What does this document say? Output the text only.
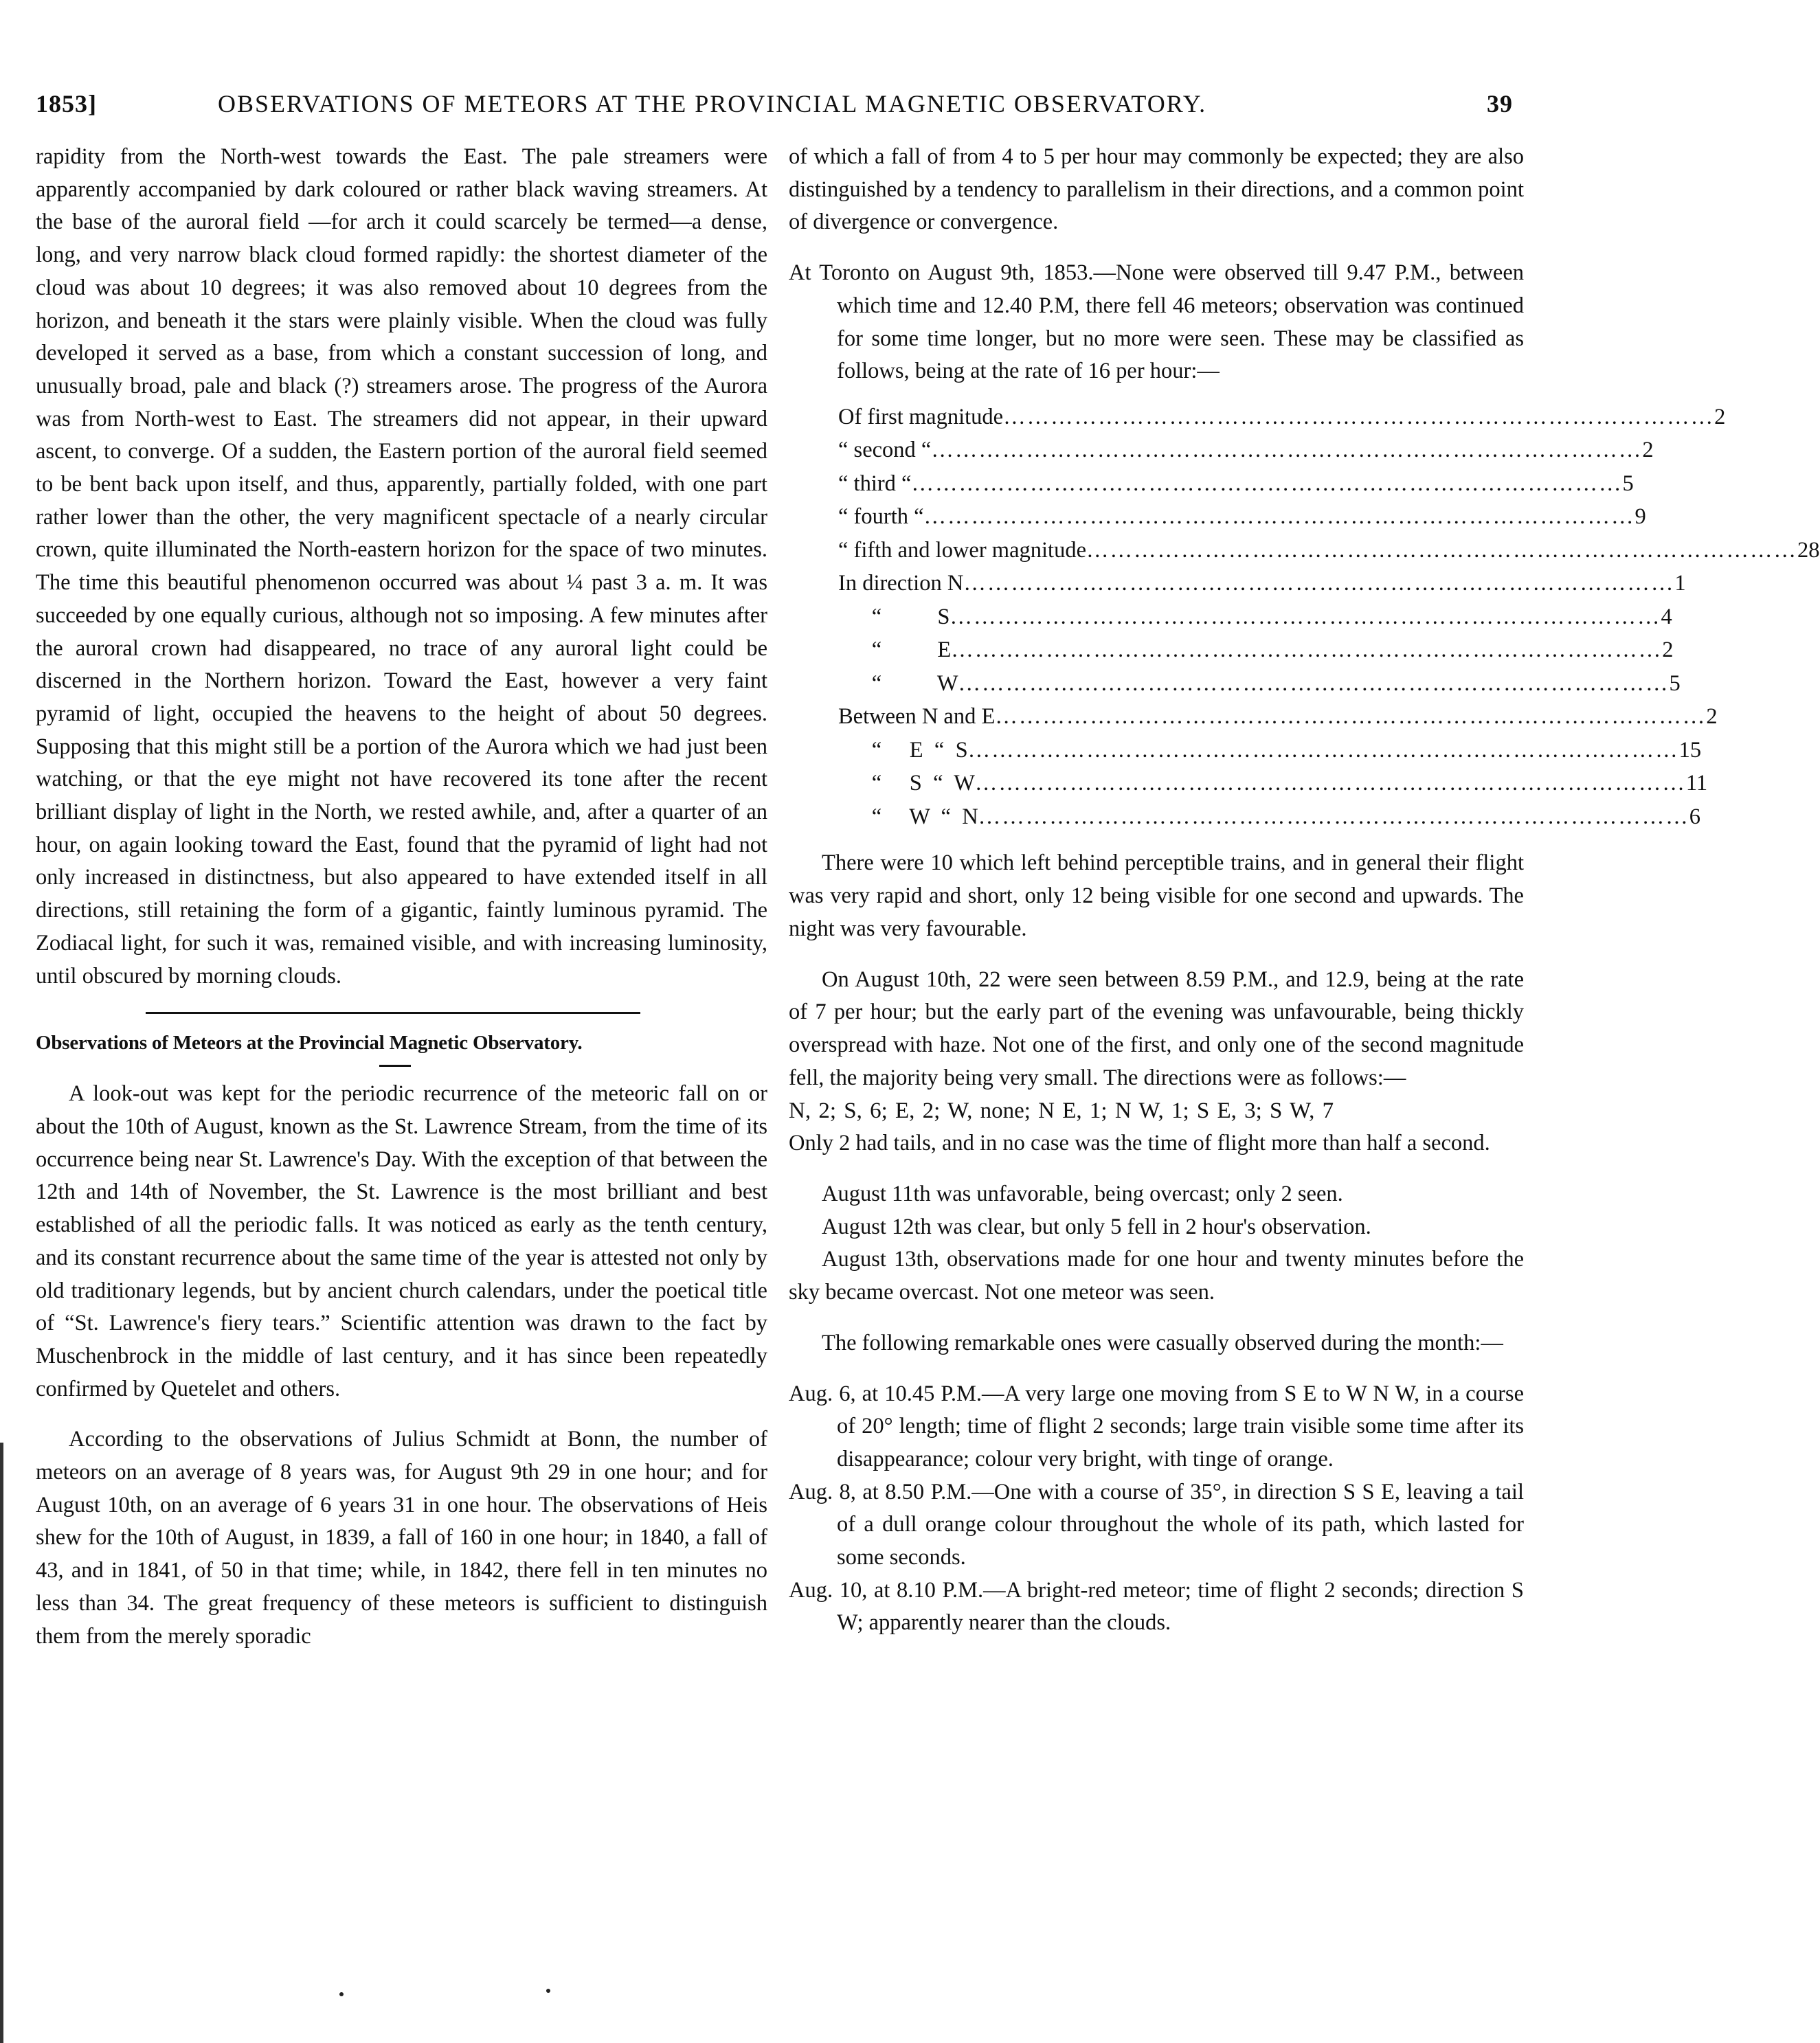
1853]	OBSERVATIONS OF METEORS AT THE PROVINCIAL MAGNETIC OBSERVATORY.	39

rapidity from the North-west towards the East. The pale streamers were apparently accompanied by dark coloured or rather black waving streamers. At the base of the auroral field —for arch it could scarcely be termed—a dense, long, and very narrow black cloud formed rapidly: the shortest diameter of the cloud was about 10 degrees; it was also removed about 10 degrees from the horizon, and beneath it the stars were plainly visible. When the cloud was fully developed it served as a base, from which a constant succession of long, and unusually broad, pale and black (?) streamers arose. The progress of the Aurora was from North-west to East. The streamers did not appear, in their upward ascent, to converge. Of a sudden, the Eastern portion of the auroral field seemed to be bent back upon itself, and thus, apparently, partially folded, with one part rather lower than the other, the very magnificent spectacle of a nearly circular crown, quite illuminated the North-eastern horizon for the space of two minutes. The time this beautiful phenomenon occurred was about ¼ past 3 a. m. It was succeeded by one equally curious, although not so imposing. A few minutes after the auroral crown had disappeared, no trace of any auroral light could be discerned in the Northern horizon. Toward the East, however a very faint pyramid of light, occupied the heavens to the height of about 50 degrees. Supposing that this might still be a portion of the Aurora which we had just been watching, or that the eye might not have recovered its tone after the recent brilliant display of light in the North, we rested awhile, and, after a quarter of an hour, on again looking toward the East, found that the pyramid of light had not only increased in distinctness, but also appeared to have extended itself in all directions, still retaining the form of a gigantic, faintly luminous pyramid. The Zodiacal light, for such it was, remained visible, and with increasing luminosity, until obscured by morning clouds.

Observations of Meteors at the Provincial Magnetic Observatory.

A look-out was kept for the periodic recurrence of the meteoric fall on or about the 10th of August, known as the St. Lawrence Stream, from the time of its occurrence being near St. Lawrence's Day. With the exception of that between the 12th and 14th of November, the St. Lawrence is the most brilliant and best established of all the periodic falls. It was noticed as early as the tenth century, and its constant recurrence about the same time of the year is attested not only by old traditionary legends, but by ancient church calendars, under the poetical title of “St. Lawrence's fiery tears.” Scientific attention was drawn to the fact by Muschenbrock in the middle of last century, and it has since been repeatedly confirmed by Quetelet and others.

According to the observations of Julius Schmidt at Bonn, the number of meteors on an average of 8 years was, for August 9th 29 in one hour; and for August 10th, on an average of 6 years 31 in one hour. The observations of Heis shew for the 10th of August, in 1839, a fall of 160 in one hour; in 1840, a fall of 43, and in 1841, of 50 in that time; while, in 1842, there fell in ten minutes no less than 34. The great frequency of these meteors is sufficient to distinguish them from the merely sporadic

of which a fall of from 4 to 5 per hour may commonly be expected; they are also distinguished by a tendency to parallelism in their directions, and a common point of divergence or convergence.

At Toronto on August 9th, 1853.—None were observed till 9.47 P.M., between which time and 12.40 P.M, there fell 46 meteors; observation was continued for some time longer, but no more were seen. These may be classified as follows, being at the rate of 16 per hour:—

Of first magnitude ……………………………………………………………………………… 2
“ second “ ……………………………………………………………………………… 2
“ third “ ……………………………………………………………………………… 5
“ fourth “ ……………………………………………………………………………… 9
“ fifth and lower magnitude ……………………………………………………………………………… 28
In direction N ……………………………………………………………………………… 1
“          S ……………………………………………………………………………… 4
“          E ……………………………………………………………………………… 2
“          W ……………………………………………………………………………… 5
Between N and E ……………………………………………………………………………… 2
“     E  “  S ……………………………………………………………………………… 15
“     S  “  W ……………………………………………………………………………… 11
“     W  “  N ……………………………………………………………………………… 6

There were 10 which left behind perceptible trains, and in general their flight was very rapid and short, only 12 being visible for one second and upwards. The night was very favourable.

On August 10th, 22 were seen between 8.59 P.M., and 12.9, being at the rate of 7 per hour; but the early part of the evening was unfavourable, being thickly overspread with haze. Not one of the first, and only one of the second magnitude fell, the majority being very small. The directions were as follows:—

N, 2; S, 6; E, 2; W, none; N E, 1; N W, 1; S E, 3; S W, 7

Only 2 had tails, and in no case was the time of flight more than half a second.

August 11th was unfavorable, being overcast; only 2 seen.

August 12th was clear, but only 5 fell in 2 hour's observation.

August 13th, observations made for one hour and twenty minutes before the sky became overcast. Not one meteor was seen.

The following remarkable ones were casually observed during the month:—

Aug. 6, at 10.45 P.M.—A very large one moving from S E to W N W, in a course of 20° length; time of flight 2 seconds; large train visible some time after its disappearance; colour very bright, with tinge of orange.

Aug. 8, at 8.50 P.M.—One with a course of 35°, in direction S S E, leaving a tail of a dull orange colour throughout the whole of its path, which lasted for some seconds.

Aug. 10, at 8.10 P.M.—A bright-red meteor; time of flight 2 seconds; direction S W; apparently nearer than the clouds.
